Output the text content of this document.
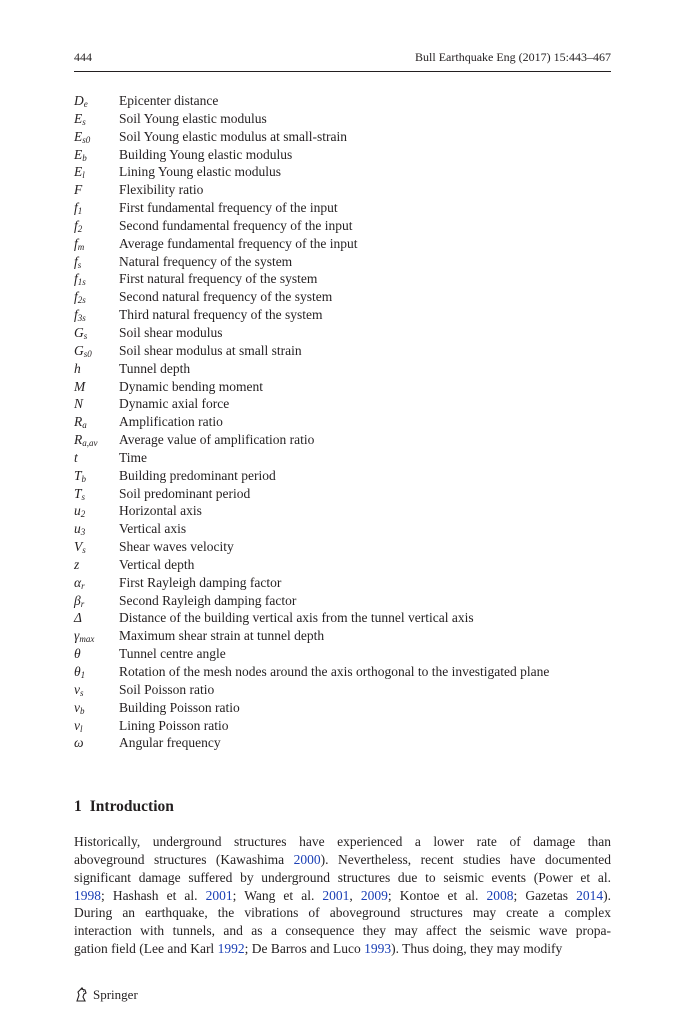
444	Bull Earthquake Eng (2017) 15:443–467
$D_e$ Epicenter distance
$E_s$ Soil Young elastic modulus
$E_{s0}$ Soil Young elastic modulus at small-strain
$E_b$ Building Young elastic modulus
$E_l$	Lining Young elastic modulus
F	Flexibility ratio
$f_1$	First fundamental frequency of the input
$f_2$	Second fundamental frequency of the input
$f_m$	Average fundamental frequency of the input
$f_s$	Natural frequency of the system
$f_{1s}$ First natural frequency of the system
$f_{2s}$ Second natural frequency of the system
$f_{3s}$ Third natural frequency of the system
$G_s$ Soil shear modulus
$G_{s0}$ Soil shear modulus at small strain
h	Tunnel depth
M	Dynamic bending moment
N	Dynamic axial force
$R_a$ Amplification ratio
$R_{a,av}$ Average value of amplification ratio
t	Time
$T_b$ Building predominant period
$T_s$	Soil predominant period
$u_2$	Horizontal axis
$u_3$	Vertical axis
$V_s$ Shear waves velocity
z	Vertical depth
$\alpha_r$	First Rayleigh damping factor
$\beta_r$	Second Rayleigh damping factor
Δ	Distance of the building vertical axis from the tunnel vertical axis
$\gamma_{max}$ Maximum shear strain at tunnel depth
θ	Tunnel centre angle
$\theta_1$	Rotation of the mesh nodes around the axis orthogonal to the investigated plane
$\nu_s$	Soil Poisson ratio
$\nu_b$	Building Poisson ratio
$\nu_l$	Lining Poisson ratio
ω	Angular frequency
1 Introduction
Historically, underground structures have experienced a lower rate of damage than
aboveground structures (Kawashima 2000). Nevertheless, recent studies have documented
significant damage suffered by underground structures due to seismic events (Power et al.
1998; Hashash et al. 2001; Wang et al. 2001, 2009; Kontoe et al. 2008; Gazetas 2014).
During an earthquake, the vibrations of aboveground structures may create a complex
interaction with tunnels, and as a consequence they may affect the seismic wave propa-
gation field (Lee and Karl 1992; De Barros and Luco 1993). Thus doing, they may modify
Springer
